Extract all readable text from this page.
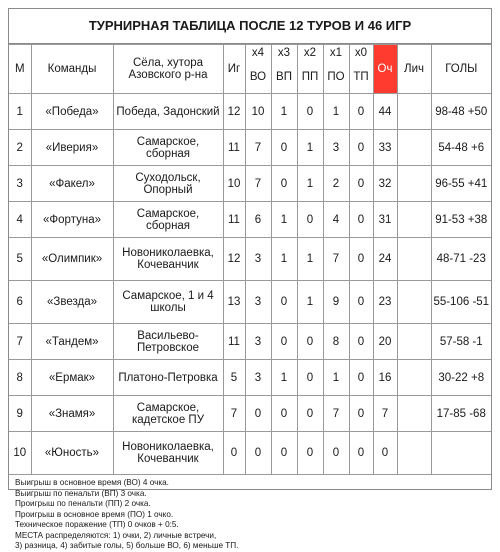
ТУРНИРНАЯ ТАБЛИЦА ПОСЛЕ 12 ТУРОВ И 46 ИГР
М	Команды	Сёла, хутора Азовского р-на	Иг	х4	х3	х2	х1	х0	Оч	Лич	ГОЛЫ
				ВО	ВП	ПП	ПО	ТП			
1	«Победа»	Победа, Задонский	12	10	1	0	1	0	44		98-48 +50
2	«Иверия»	Самарское, сборная	11	7	0	1	3	0	33		54-48 +6
3	«Факел»	Суходольск, Опорный	10	7	0	1	2	0	32		96-55 +41
4	«Фортуна»	Самарское, сборная	11	6	1	0	4	0	31		91-53 +38
5	«Олимпик»	Новониколаевка, Кочеванчик	12	3	1	1	7	0	24		48-71 -23
6	«Звезда»	Самарское, 1 и 4 школы	13	3	0	1	9	0	23		55-106 -51
7	«Тандем»	Васильево-Петровское	11	3	0	0	8	0	20		57-58 -1
8	«Ермак»	Платоно-Петровка	5	3	1	0	1	0	16		30-22 +8
9	«Знамя»	Самарское, кадетское ПУ	7	0	0	0	7	0	7		17-85 -68
10	«Юность»	Новониколаевка, Кочеванчик	0	0	0	0	0	0	0		
Выигрыш в основное время (ВО) 4 очка.
Выигрыш по пенальти (ВП) 3 очка.
Проигрыш по пенальти (ПП) 2 очка.
Проигрыш в основное время (ПО) 1 очко.
Техническое поражение (ТП) 0 очков + 0:5.
МЕСТА распределяются: 1) очки, 2) личные встречи,
3) разница, 4) забитые голы, 5) больше ВО, 6) меньше ТП.
